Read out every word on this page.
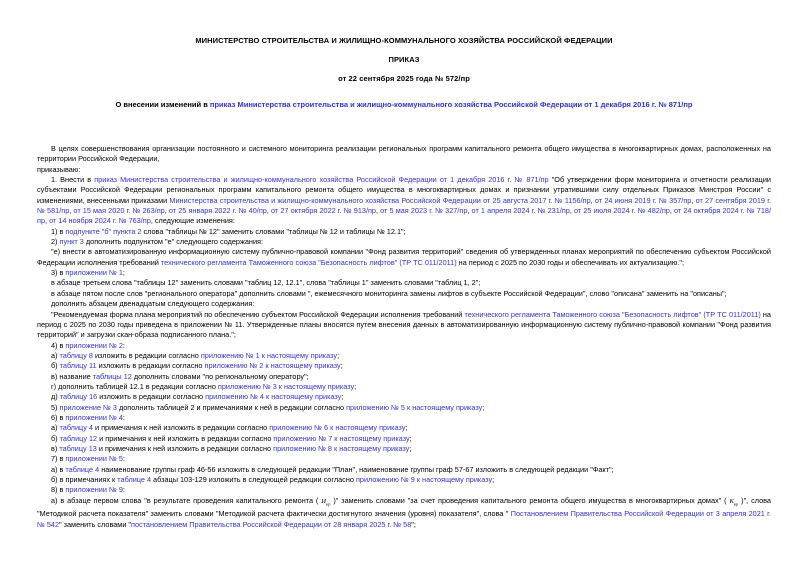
МИНИСТЕРСТВО СТРОИТЕЛЬСТВА И ЖИЛИЩНО-КОММУНАЛЬНОГО ХОЗЯЙСТВА РОССИЙСКОЙ ФЕДЕРАЦИИ
ПРИКАЗ
от 22 сентября 2025 года № 572/пр
О внесении изменений в приказ Министерства строительства и жилищно-коммунального хозяйства Российской Федерации от 1 декабря 2016 г. № 871/пр

В целях совершенствования организации постоянного и системного мониторинга реализации региональных программ капитального ремонта общего имущества в многоквартирных домах, расположенных на территории Российской Федерации,

приказываю:

1. Внести в приказ Министерства строительства и жилищно-коммунального хозяйства Российской Федерации от 1 декабря 2016 г. № 871/пр "Об утверждении форм мониторинга и отчетности реализации субъектами Российской Федерации региональных программ капитального ремонта общего имущества в многоквартирных домах и признании утратившими силу отдельных Приказов Минстроя России" с изменениями, внесенными приказами Министерства строительства и жилищно-коммунального хозяйства Российской Федерации от 25 августа 2017 г. № 1156/пр, от 24 июня 2019 г. № 357/пр, от 27 сентября 2019 г. № 581/пр, от 15 мая 2020 г. № 263/пр, от 25 января 2022 г. № 40/пр, от 27 октября 2022 г. № 913/пр, от 5 мая 2023 г. № 327/пр, от 1 апреля 2024 г. № 231/пр, от 25 июля 2024 г. № 482/пр, от 24 октября 2024 г. № 718/пр, от 14 ноября 2024 г. № 763/пр, следующие изменения:

1) в подпункте "б" пункта 2 слова "таблицы № 12" заменить словами "таблицы № 12 и таблицы № 12.1";

2) пункт 3 дополнить подпунктом "е" следующего содержания:

"е) внести в автоматизированную информационную систему публично-правовой компании "Фонд развития территорий" сведения об утвержденных планах мероприятий по обеспечению субъектом Российской Федерации исполнения требований технического регламента Таможенного союза "Безопасность лифтов" (ТР ТС 011/2011) на период с 2025 по 2030 годы и обеспечивать их актуализацию.";

3) в приложении № 1;

в абзаце третьем слова "таблицы 12" заменить словами "таблиц 12, 12.1", слова "таблицы 1" заменить словами "таблиц 1, 2";

в абзаце пятом после слов "регионального оператора" дополнить словами ", ежемесячного мониторинга замены лифтов в субъекте Российской Федерации", слово "описана" заменить на "описаны";

дополнить абзацем двенадцатым следующего содержания:

"Рекомендуемая форма плана мероприятий по обеспечению субъектом Российской Федерации исполнения требований технического регламента Таможенного союза "Безопасность лифтов" (ТР ТС 011/2011) на период с 2025 по 2030 годы приведена в приложении № 11. Утвержденные планы вносятся путем внесения данных в автоматизированную информационную систему публично-правовой компании "Фонд развития территорий" и загрузки скан-образа подписанного плана.";

4) в приложении № 2:

а) таблицу 8 изложить в редакции согласно приложению № 1 к настоящему приказу;

б) таблицу 11 изложить в редакции согласно приложению № 2 к настоящему приказу;

в) название таблицы 12 дополнить словами "по региональному оператору";

г) дополнить таблицей 12.1 в редакции согласно приложению № 3 к настоящему приказу;

д) таблицу 16 изложить в редакции согласно приложению № 4 к настоящему приказу;

5) приложение № 3 дополнить таблицей 2 и примечаниями к ней в редакции согласно приложению № 5 к настоящему приказу;

6) в приложении № 4:

а) таблицу 4 и примечания к ней изложить в редакции согласно приложению № 6 к настоящему приказу;

б) таблицу 12 и примечания к ней изложить в редакции согласно приложению № 7 к настоящему приказу;

в) таблицу 13 и примечания к ней изложить в редакции согласно приложению № 8 к настоящему приказу;

7) в приложении № 5:

а) в таблице 4 наименование группы граф 46-56 изложить в следующей редакции "План", наименование группы граф 57-67 изложить в следующей редакции "Факт";

б) в примечаниях к таблице 4 абзацы 103-129 изложить в следующей редакции согласно приложению № 9 к настоящему приказу;

8) в приложении № 9:

а) в абзаце первом слова "в результате проведения капитального ремонта ( $И_{кр}$ )" заменить словами "за счет проведения капитального ремонта общего имущества в многоквартирных домах" ( $К_{кр}$ )", слова "Методикой расчета показателя" заменить словами "Методикой расчета фактически достигнутого значения (уровня) показателя", слова " Постановлением Правительства Российской Федерации от 3 апреля 2021 г. № 542" заменить словами "постановлением Правительства Российской Федерации от 28 января 2025 г. № 58";
